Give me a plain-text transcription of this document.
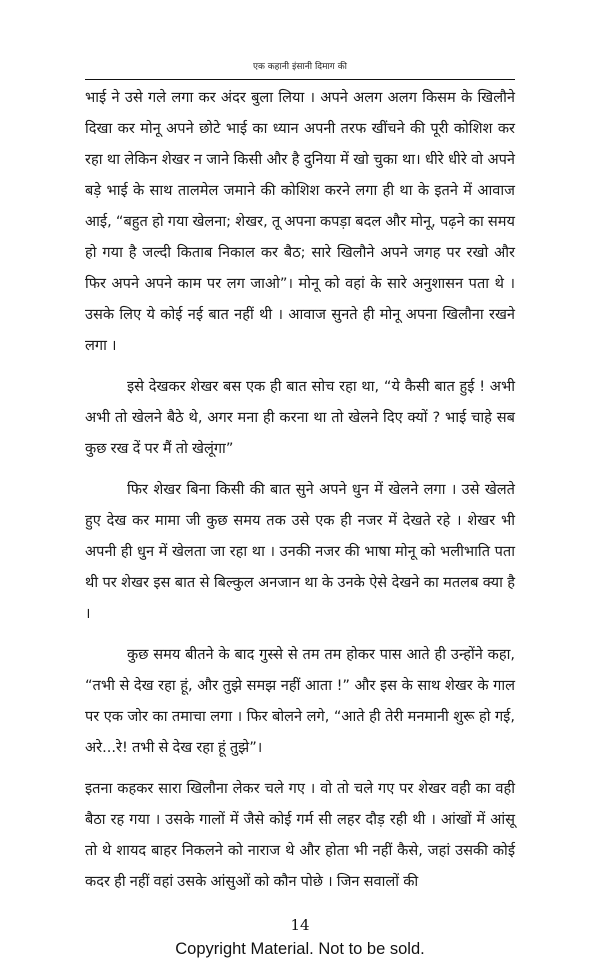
एक कहानी इंसानी दिमाग की

भाई ने उसे गले लगा कर अंदर बुला लिया । अपने अलग अलग किसम के खिलौने दिखा कर मोनू अपने छोटे भाई का ध्यान अपनी तरफ खींचने की पूरी कोशिश कर रहा था लेकिन शेखर न जाने किसी और है दुनिया में खो चुका था। धीरे धीरे वो अपने बड़े भाई के साथ तालमेल जमाने की कोशिश करने लगा ही था के इतने में आवाज आई, “बहुत हो गया खेलना; शेखर, तू अपना कपड़ा बदल और मोनू, पढ़ने का समय हो गया है जल्दी किताब निकाल कर बैठ; सारे खिलौने अपने जगह पर रखो और फिर अपने अपने काम पर लग जाओ”। मोनू को वहां के सारे अनुशासन पता थे । उसके लिए ये कोई नई बात नहीं थी । आवाज सुनते ही मोनू अपना खिलौना रखने लगा ।

इसे देखकर शेखर बस एक ही बात सोच रहा था, “ये कैसी बात हुई ! अभी अभी तो खेलने बैठे थे, अगर मना ही करना था तो खेलने दिए क्यों ? भाई चाहे सब कुछ रख दें पर मैं तो खेलूंगा”

फिर शेखर बिना किसी की बात सुने अपने धुन में खेलने लगा । उसे खेलते हुए देख कर मामा जी कुछ समय तक उसे एक ही नजर में देखते रहे । शेखर भी अपनी ही धुन में खेलता जा रहा था । उनकी नजर की भाषा मोनू को भलीभाति पता थी पर शेखर इस बात से बिल्कुल अनजान था के उनके ऐसे देखने का मतलब क्या है ।

कुछ समय बीतने के बाद गुस्से से तम तम होकर पास आते ही उन्होंने कहा, “तभी से देख रहा हूं, और तुझे समझ नहीं आता !” और इस के साथ शेखर के गाल पर एक जोर का तमाचा लगा । फिर बोलने लगे, “आते ही तेरी मनमानी शुरू हो गई, अरे...रे! तभी से देख रहा हूं तुझे”।

इतना कहकर सारा खिलौना लेकर चले गए । वो तो चले गए पर शेखर वही का वही बैठा रह गया । उसके गालों में जैसे कोई गर्म सी लहर दौड़ रही थी । आंखों में आंसू तो थे शायद बाहर निकलने को नाराज थे और होता भी नहीं कैसे, जहां उसकी कोई कदर ही नहीं वहां उसके आंसुओं को कौन पोछे । जिन सवालों की

14
Copyright Material. Not to be sold.
